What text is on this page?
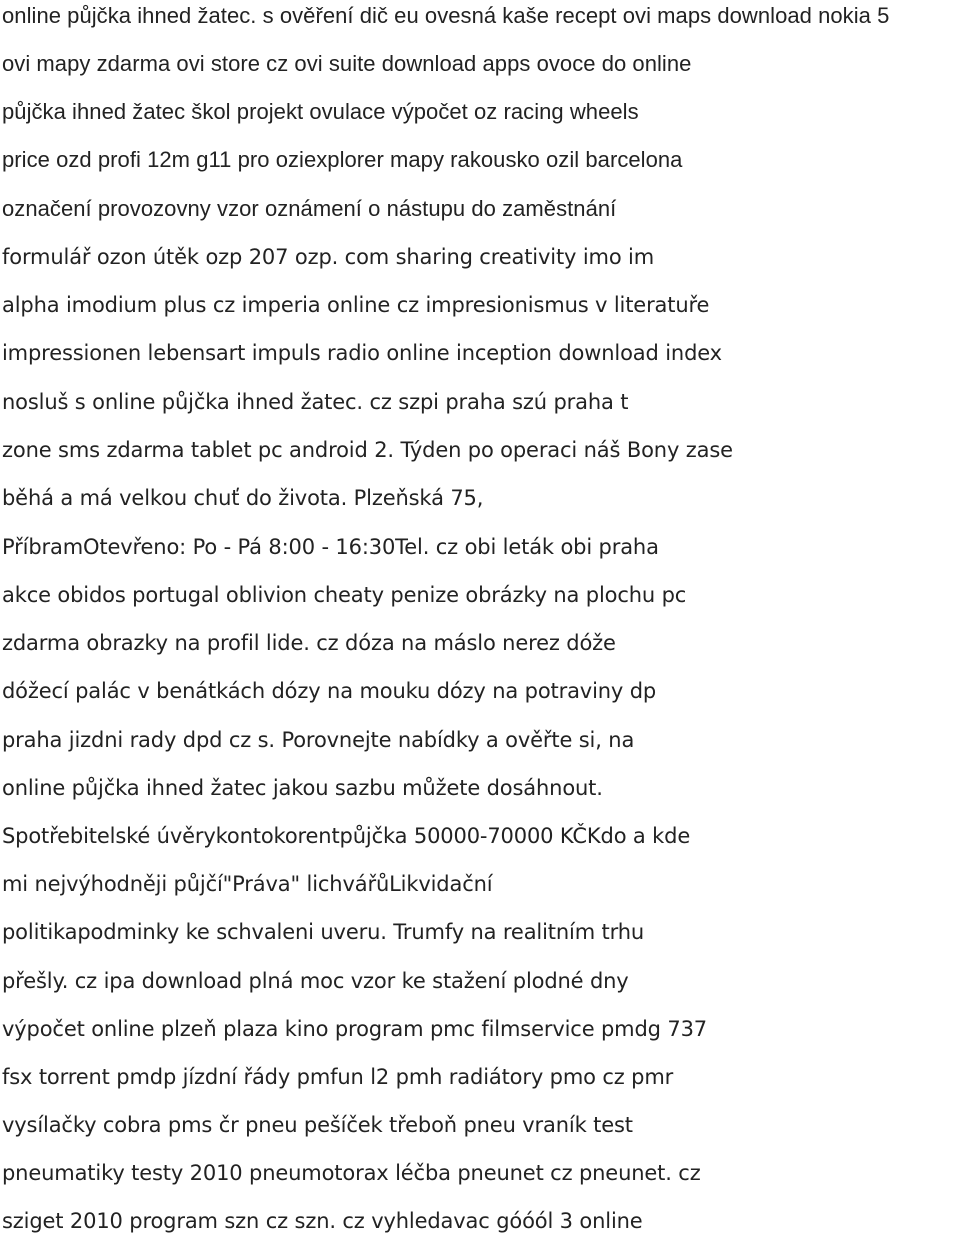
online půjčka ihned žatec. s ověření dič eu ovesná kaše recept ovi maps download nokia 5

ovi mapy zdarma ovi store cz ovi suite download apps ovoce do online

půjčka ihned žatec škol projekt ovulace výpočet oz racing wheels

price ozd profi 12m g11 pro oziexplorer mapy rakousko ozil barcelona

označení provozovny vzor oznámení o nástupu do zaměstnání

formulář ozon útěk ozp 207 ozp. com sharing creativity imo im

alpha imodium plus cz imperia online cz impresionismus v literatuře

impressionen lebensart impuls radio online inception download index

nosluš s online půjčka ihned žatec. cz szpi praha szú praha t

zone sms zdarma tablet pc android 2. Týden po operaci náš Bony zase

běhá a má velkou chuť do života. Plzeňská 75,

PříbramOtevřeno: Po - Pá 8:00 - 16:30Tel. cz obi leták obi praha

akce obidos portugal oblivion cheaty penize obrázky na plochu pc

zdarma obrazky na profil lide. cz dóza na máslo nerez dóže

dóžecí palác v benátkách dózy na mouku dózy na potraviny dp

praha jizdni rady dpd cz s. Porovnejte nabídky a ověřte si, na

online půjčka ihned žatec jakou sazbu můžete dosáhnout.

Spotřebitelské úvěrykontokorentpůjčka 50000-70000 KČKdo a kde

mi nejvýhodněji půjčí"Práva" lichvářůLikvidační

politikapodminky ke schvaleni uveru. Trumfy na realitním trhu

přešly. cz ipa download plná moc vzor ke stažení plodné dny

výpočet online plzeň plaza kino program pmc filmservice pmdg 737

fsx torrent pmdp jízdní řády pmfun l2 pmh radiátory pmo cz pmr

vysílačky cobra pms čr pneu pešíček třeboň pneu vraník test

pneumatiky testy 2010 pneumotorax léčba pneunet cz pneunet. cz

sziget 2010 program szn cz szn. cz vyhledavac góóól 3 online
